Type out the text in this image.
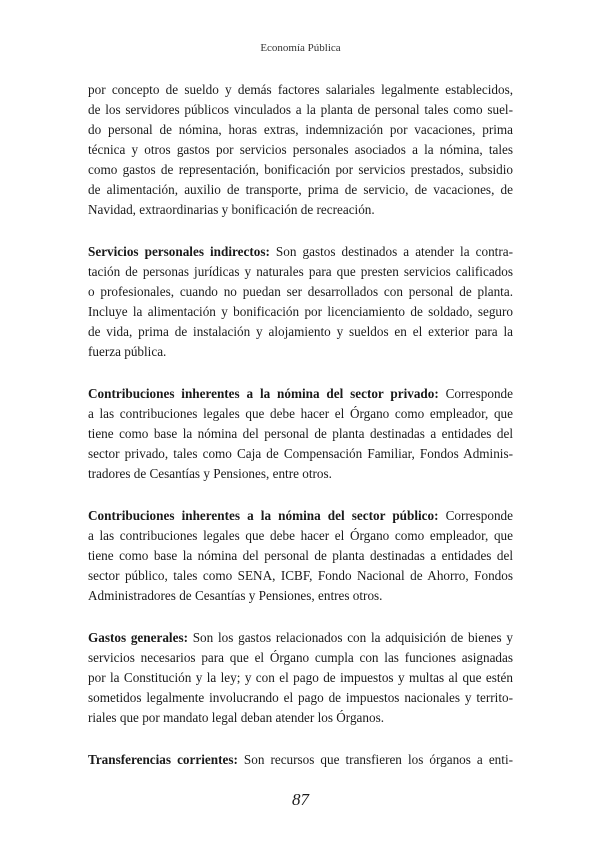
Economía Pública
por concepto de sueldo y demás factores salariales legalmente establecidos,
de los servidores públicos vinculados a la planta de personal tales como suel-
do personal de nómina, horas extras, indemnización por vacaciones, prima
técnica y otros gastos por servicios personales asociados a la nómina, tales
como gastos de representación, bonificación por servicios prestados, subsidio
de alimentación, auxilio de transporte, prima de servicio, de vacaciones, de
Navidad, extraordinarias y bonificación de recreación.
Servicios personales indirectos: Son gastos destinados a atender la contra-
tación de personas jurídicas y naturales para que presten servicios calificados
o profesionales, cuando no puedan ser desarrollados con personal de planta.
Incluye la alimentación y bonificación por licenciamiento de soldado, seguro
de vida, prima de instalación y alojamiento y sueldos en el exterior para la
fuerza pública.
Contribuciones inherentes a la nómina del sector privado: Corresponde
a las contribuciones legales que debe hacer el Órgano como empleador, que
tiene como base la nómina del personal de planta destinadas a entidades del
sector privado, tales como Caja de Compensación Familiar, Fondos Adminis-
tradores de Cesantías y Pensiones, entre otros.
Contribuciones inherentes a la nómina del sector público: Corresponde
a las contribuciones legales que debe hacer el Órgano como empleador, que
tiene como base la nómina del personal de planta destinadas a entidades del
sector público, tales como SENA, ICBF, Fondo Nacional de Ahorro, Fondos
Administradores de Cesantías y Pensiones, entres otros.
Gastos generales: Son los gastos relacionados con la adquisición de bienes y
servicios necesarios para que el Órgano cumpla con las funciones asignadas
por la Constitución y la ley; y con el pago de impuestos y multas al que estén
sometidos legalmente involucrando el pago de impuestos nacionales y territo-
riales que por mandato legal deban atender los Órganos.
Transferencias corrientes: Son recursos que transfieren los órganos a enti-
87
